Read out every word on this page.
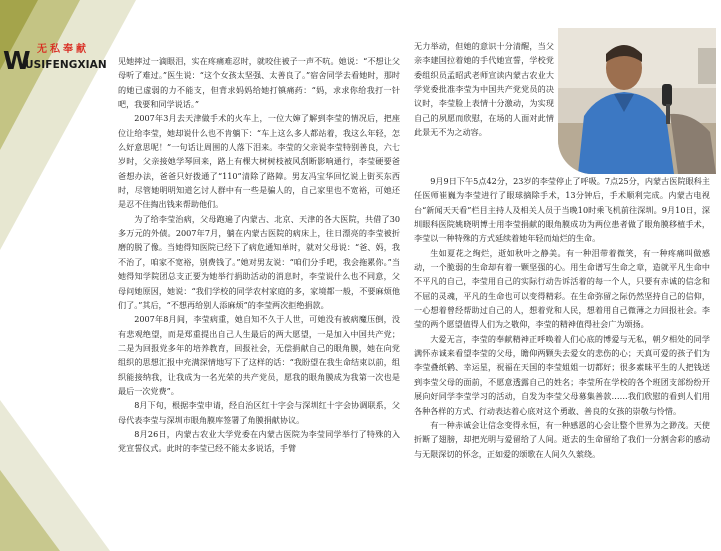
W 无私奉献
USIFENGXIAN 见她摔过一滴眼泪，实在疼痛难忍时，就咬住被子一声不吭。她说：“不想让父母听了难过。”医生说：“这个女孩太坚强、太善良了。”宿舍同学去看她时，那时的她已虚弱的力不能支，但背求妈妈给她打镇痛药：“妈，求求你给我打一针吧，我要和同学说话。”

2007年3月去天津做手术的火车上，一位大婶了解到李莹的情况后，把座位让给李莹，她却说什么也不肯躺下：“车上这么多人都站着，我这么年轻，怎么好意思呢！”一句话让周围的人落下泪来。李莹的父亲说李莹特别善良，六七岁时，父亲接她学琴回来，路上有棵大树树枝被风刮断影响通行，李莹硬要爸爸想办法，爸爸只好拨通了“110”清除了路障。男友冯宝华回忆说上街买东西时，尽管她明明知道乞讨人群中有一些是骗人的，自己家里也不宽裕，可她还是忍不住掏出钱来帮助他们。

为了给李莹治病，父母跑遍了内蒙古、北京、天津的各大医院，共借了30多万元的外债。2007年7月，躺在内蒙古医院的病床上，往日漂亮的李莹被折磨的脱了像。当她得知医院已经下了病危通知单时，就对父母说：“爸、妈，我不治了，咱家不宽裕，别费钱了。”她对男友说：“咱们分手吧，我会拖累你。”当她得知学院团总支正要为她举行捐助活动的消息时，李莹说什么也不同意，父母问她原因，她说：“我们学校的同学农村家庭的多，家境都一般，不要麻烦他们了。”其后，“不想再给别人添麻烦”的李莹两次拒绝捐款。

2007年8月间，李莹病重，她自知不久于人世，可她没有被病魔压倒，没有悲观绝望，而是郑重提出自己人生最后的两大愿望，一是加入中国共产党；二是为回报党多年的培养教育，回报社会，无偿捐献自己的眼角膜，她在向党组织的思想汇报中充满深情地写下了这样的话：“我盼望在我生命结束以前，组织能接纳我，让我成为一名光荣的共产党员，愿我的眼角膜成为我第一次也是最后一次党费”。

8月下旬，根据李莹申请，经自治区红十字会与深圳红十字会协调联系，父母代表李莹与深圳市眼角膜库签署了角膜捐献协议。

8月26日，内蒙古农业大学党委在内蒙古医院为李莹同学举行了特殊的入党宣誓仪式。此时的李莹已经不能太多说话，手臂

无力举动，但她的意识十分清醒，当父亲李建国拉着她的手代她宣誓，学校党委组织员孟昭武老师宣读内蒙古农业大学党委批准李莹为中国共产党党员的决议时，李莹脸上表情十分激动，为实现自己的夙愿而欣慰，在场的人面对此情此景无不为之动容。

9月9日下午5点42分，23岁的李莹停止了呼吸。7点25分，内蒙古医院眼科主任医师崔巍为李莹进行了眼球摘除手术，13分钟后，手术顺利完成。内蒙古电视台“新闻天天看”栏目主持人及相关人员于当晚10时乘飞机前往深圳。9月10日，深圳眼科医院姚晓明博士用李莹捐献的眼角膜成功为两位患者做了眼角膜移植手术，李莹以一种特殊的方式延续着她年轻而灿烂的生命。

生如夏花之绚烂，逝如秋叶之静美。有一种泪带着微笑，有一种疼痛叫做感动，一个脆弱的生命却有着一颗坚强的心。用生命谱写生命之章，造就平凡生命中不平凡的自己，李莹用自己的实际行动告诉活着的每一个人，只要有赤诚的信念和不屈的灵魂，平凡的生命也可以变得精彩。在生命弥留之际仍然坚持自己的信仰，一心想着曾经帮助过自己的人，想着党和人民，想着用自己微薄之力回报社会。李莹的两个愿望值得人们为之敬仰，李莹的精神值得社会广为颂扬。

大爱无言，李莹的奉献精神正呼唤着人们心底的博爱与无私，朝夕相处的同学满怀赤诚来看望李莹的父母，瞻仰两颗失去爱女的悲伤的心；天真可爱的孩子们为李莹叠纸鹤、幸运星，祝福在天国的李莹姐姐一切都好；很多素昧平生的人把钱送到李莹父母的面前，不愿意透露自己的姓名；李莹所在学校的各个班团支部纷纷开展向好同学李莹学习的活动，自发为李莹父母募集善款……我们欣慰的看到人们用各种各样的方式、行动表达着心底对这个勇敢、善良的女孩的崇敬与怜惜。

有一种赤诚会让信念变得永恒，有一种感恩的心会让整个世界为之渺茂。天使折断了翅膀，却把光明与爱留给了人间。逝去的生命留给了我们一分割舍彩的感动与无限深切的怀念，正如爱的颂歌在人间久久萦绕。
